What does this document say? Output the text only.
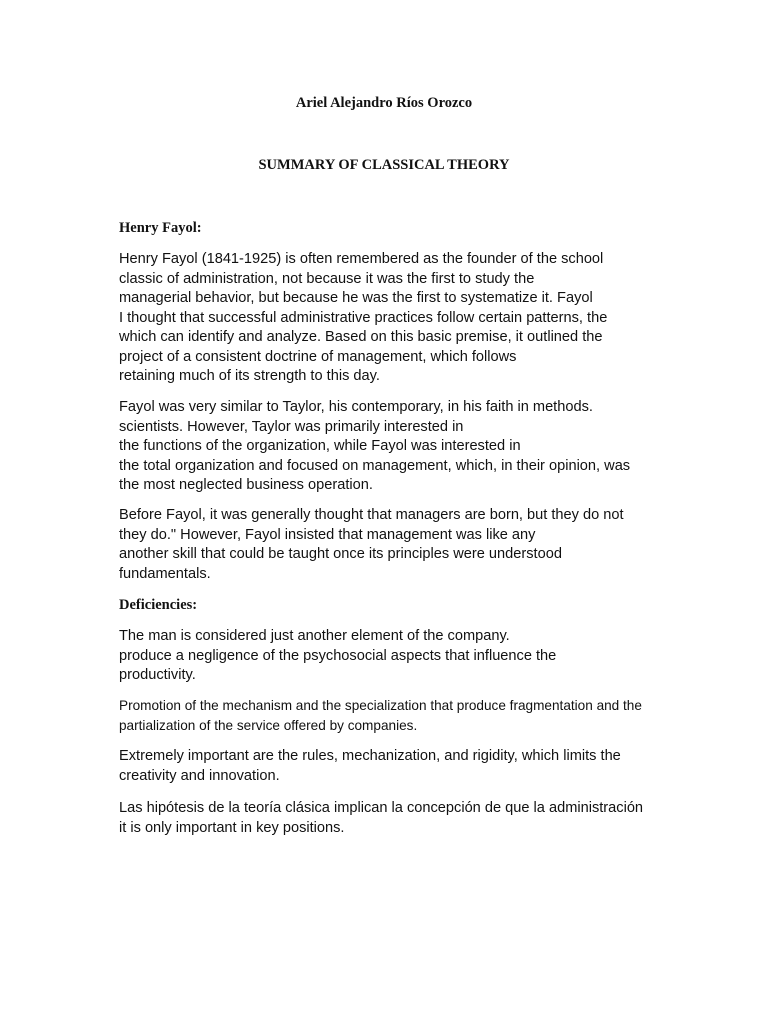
Ariel Alejandro Ríos Orozco
SUMMARY OF CLASSICAL THEORY
Henry Fayol:
Henry Fayol (1841-1925) is often remembered as the founder of the school
classic of administration, not because it was the first to study the
managerial behavior, but because he was the first to systematize it. Fayol
I thought that successful administrative practices follow certain patterns, the
which can identify and analyze. Based on this basic premise, it outlined the
project of a consistent doctrine of management, which follows
retaining much of its strength to this day.
Fayol was very similar to Taylor, his contemporary, in his faith in methods.
scientists. However, Taylor was primarily interested in
the functions of the organization, while Fayol was interested in
the total organization and focused on management, which, in their opinion, was
the most neglected business operation.
Before Fayol, it was generally thought that managers are born, but they do not
they do." However, Fayol insisted that management was like any
another skill that could be taught once its principles were understood
fundamentals.
Deficiencies:
The man is considered just another element of the company.
produce a negligence of the psychosocial aspects that influence the
productivity.
Promotion of the mechanism and the specialization that produce fragmentation and the
partialization of the service offered by companies.
Extremely important are the rules, mechanization, and rigidity, which limits the
creativity and innovation.
Las hipótesis de la teoría clásica implican la concepción de que la administración
it is only important in key positions.
